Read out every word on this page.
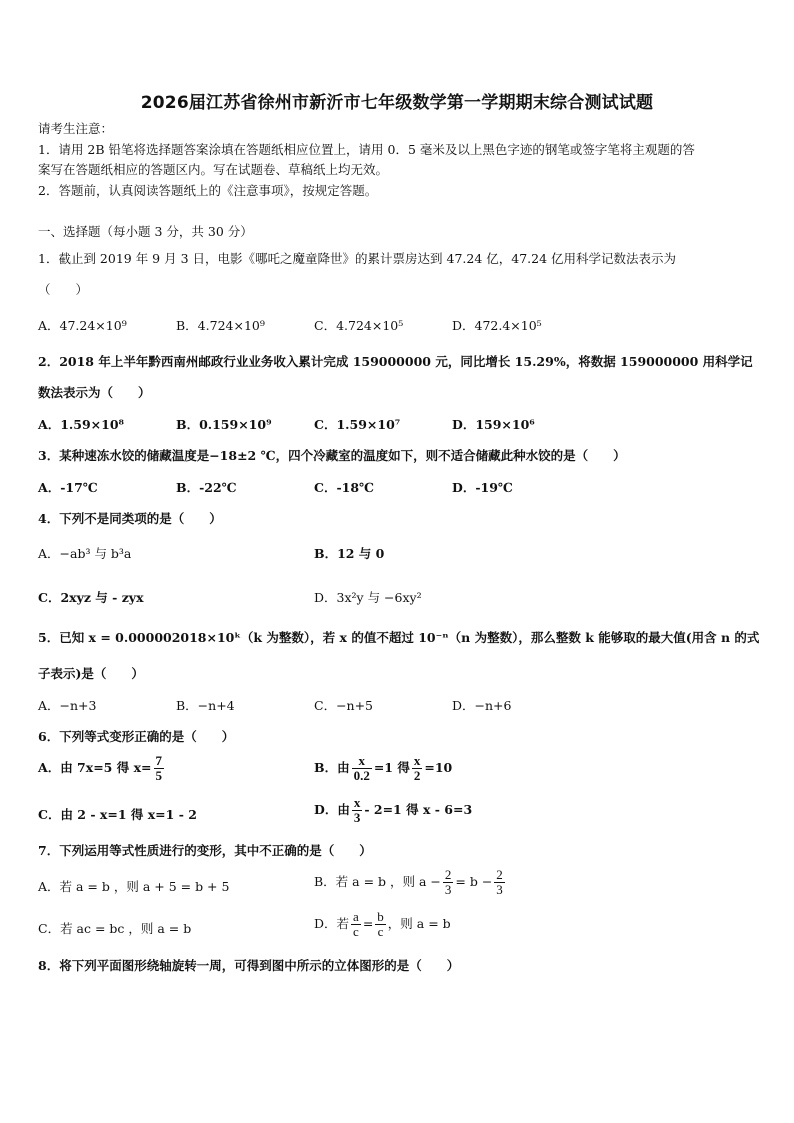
2026届江苏省徐州市新沂市七年级数学第一学期期末综合测试试题
请考生注意：
1．请用 2B 铅笔将选择题答案涂填在答题纸相应位置上，请用 0．5 毫米及以上黑色字迹的钢笔或签字笔将主观题的答
案写在答题纸相应的答题区内。写在试题卷、草稿纸上均无效。
2．答题前，认真阅读答题纸上的《注意事项》，按规定答题。
一、选择题（每小题 3 分，共 30 分）
1．截止到 2019 年 9 月 3 日，电影《哪吒之魔童降世》的累计票房达到 47.24 亿，47.24 亿用科学记数法表示为
（　　）
A．47.24×10⁹	B．4.724×10⁹	C．4.724×10⁵	D．472.4×10⁵
2．2018 年上半年黔西南州邮政行业业务收入累计完成 159000000 元，同比增长 15.29%，将数据 159000000 用科学记
数法表示为（　　）
A．1.59×10⁸	B．0.159×10⁹	C．1.59×10⁷	D．159×10⁶
3．某种速冻水饺的储藏温度是−18±2 ℃，四个冷藏室的温度如下，则不适合储藏此种水饺的是（　　）
A．-17℃	B．-22℃	C．-18℃	D．-19℃
4．下列不是同类项的是（　　）
A．−ab³ 与 b³a	B．12 与 0
C．2xyz 与 - zyx	D．3x²y 与 −6xy²
5．已知 x = 0.000002018×10ᵏ（k 为整数），若 x 的值不超过 10⁻ⁿ（n 为整数），那么整数 k 能够取的最大值(用含 n 的式
子表示)是（　　）
A．−n+3	B．−n+4	C．−n+5	D．−n+6
6．下列等式变形正确的是（　　）
A．由 7x=5 得 $x= \frac{7}{5}$	B．由 $\frac{x}{0.2} =1$ 得 $\frac{x}{2} =10$
C．由 2 - x=1 得 x=1 - 2	D．由 $\frac{x}{3} - 2=1$ 得 x - 6=3
7．下列运用等式性质进行的变形，其中不正确的是（　　）
A．若 a = b ，则 a + 5 = b + 5	B．若 a = b ，则 $a - \frac{2}{3} = b - \frac{2}{3}$
C．若 ac = bc ，则 a = b	D．若 $\frac{a}{c} = \frac{b}{c}$ ，则 a = b
8．将下列平面图形绕轴旋转一周，可得到图中所示的立体图形的是（　　）
